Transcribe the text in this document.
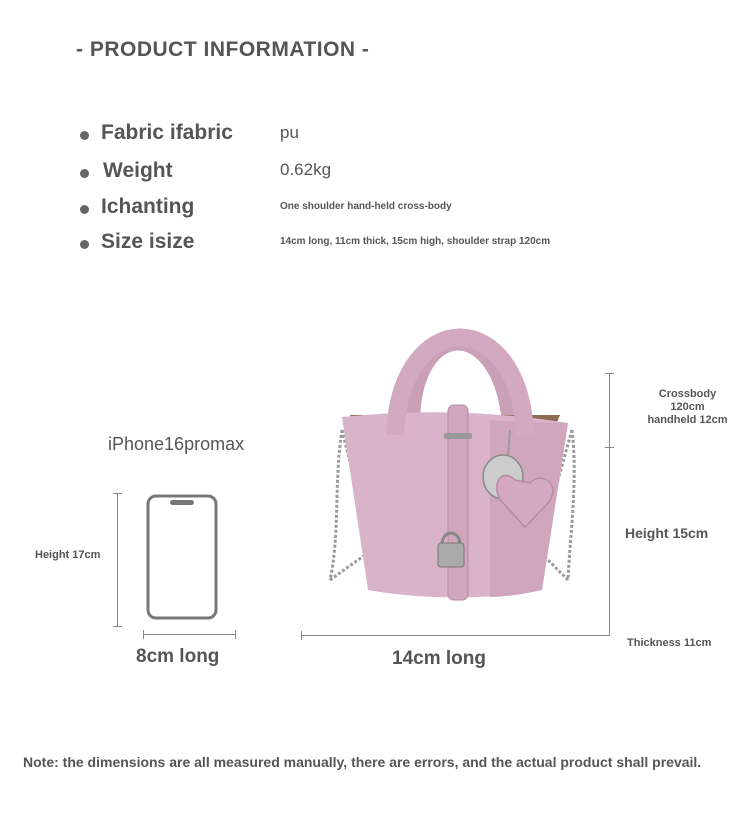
- PRODUCT INFORMATION -
Fabric ifabric	pu
Weight	0.62kg
Ichanting	One shoulder hand-held cross-body
Size isize	14cm long, 11cm thick, 15cm high, shoulder strap 120cm
iPhone16promax
Height 17cm
8cm long
Crossbody
120cm
handheld 12cm
Height 15cm
Thickness 11cm
14cm long
Note: the dimensions are all measured manually, there are errors, and the actual product shall prevail.
